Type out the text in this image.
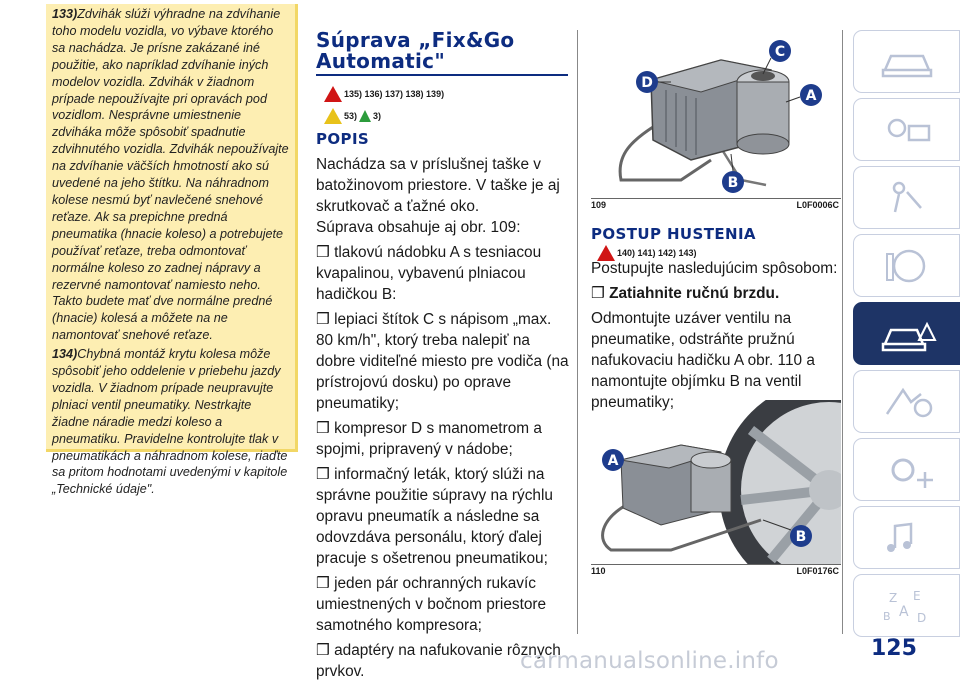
133)Zdvihák slúži výhradne na zdvíhanie toho modelu vozidla, vo výbave ktorého sa nachádza. Je prísne zakázané iné použitie, ako napríklad zdvíhanie iných modelov vozidla. Zdvihák v žiadnom prípade nepoužívajte pri opravách pod vozidlom. Nesprávne umiestnenie zdviháka môže spôsobiť spadnutie zdvihnutého vozidla. Zdvihák nepoužívajte na zdvíhanie väčších hmotností ako sú uvedené na jeho štítku. Na náhradnom kolese nesmú byť navlečené snehové reťaze. Ak sa prepichne predná pneumatika (hnacie koleso) a potrebujete používať reťaze, treba odmontovať normálne koleso zo zadnej nápravy a rezervné namontovať namiesto neho. Takto budete mať dve normálne predné (hnacie) kolesá a môžete na ne namontovať snehové reťaze.

134)Chybná montáž krytu kolesa môže spôsobiť jeho oddelenie v priebehu jazdy vozidla. V žiadnom prípade neupravujte plniaci ventil pneumatiky. Nestrkajte žiadne náradie medzi koleso a pneumatiku. Pravidelne kontrolujte tlak v pneumatikách a náhradnom kolese, riaďte sa pritom hodnotami uvedenými v kapitole „Technické údaje".

Súprava „Fix&Go
Automatic"
135) 136) 137) 138) 139)
53) 3)
POPIS

Nachádza sa v príslušnej taške v batožinovom priestore. V taške je aj skrutkovač a ťažné oko.

Súprava obsahuje aj obr. 109:

❒ tlakovú nádobku A s tesniacou kvapalinou, vybavenú plniacou hadičkou B:

❒ lepiaci štítok C s nápisom „max. 80 km/h", ktorý treba nalepiť na dobre viditeľné miesto pre vodiča (na prístrojovú dosku) po oprave pneumatiky;

❒ kompresor D s manometrom a spojmi, pripravený v nádobe;

❒ informačný leták, ktorý slúži na správne použitie súpravy na rýchlu opravu pneumatík a následne sa odovzdáva personálu, ktorý ďalej pracuje s ošetrenou pneumatikou;

❒ jeden pár ochranných rukavíc umiestnených v bočnom priestore samotného kompresora;

❒ adaptéry na nafukovanie rôznych prvkov.

C
A
D
B
109	L0F0006C
POSTUP HUSTENIA
140) 141) 142) 143)

Postupujte nasledujúcim spôsobom:

❒ Zatiahnite ručnú brzdu.

Odmontujte uzáver ventilu na pneumatike, odstráňte pružnú nafukovaciu hadičku A obr. 110 a namontujte objímku B na ventil pneumatiky;

A
B
110	L0F0176C
Z E
A D
B
125
carmanualsonline.info
